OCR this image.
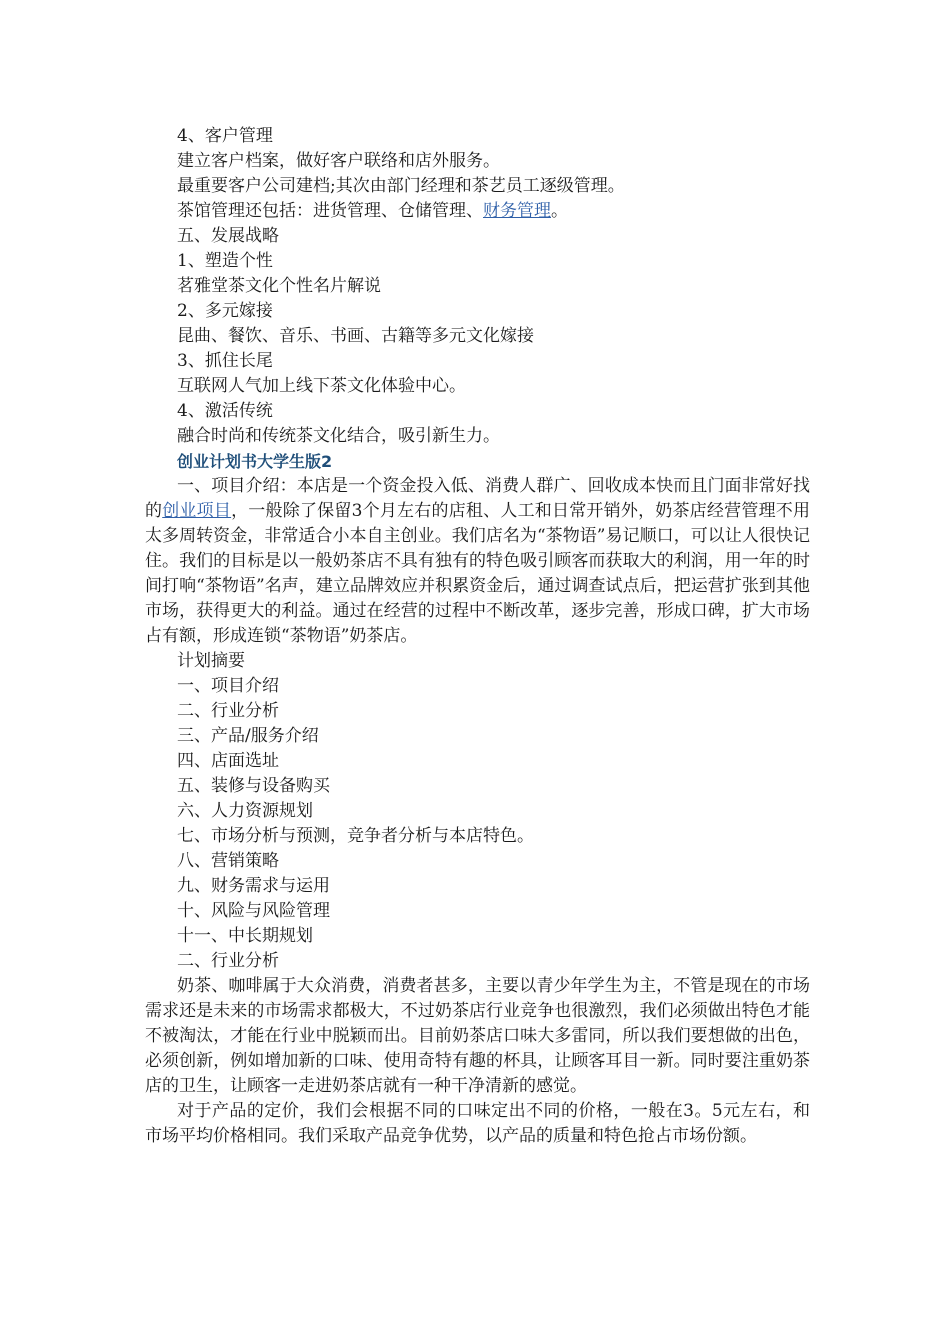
4、客户管理
建立客户档案，做好客户联络和店外服务。
最重要客户公司建档;其次由部门经理和茶艺员工逐级管理。
茶馆管理还包括：进货管理、仓储管理、财务管理。
五、发展战略
1、塑造个性
茗雅堂茶文化个性名片解说
2、多元嫁接
昆曲、餐饮、音乐、书画、古籍等多元文化嫁接
3、抓住长尾
互联网人气加上线下茶文化体验中心。
4、激活传统
融合时尚和传统茶文化结合，吸引新生力。
创业计划书大学生版2

一、项目介绍：本店是一个资金投入低、消费人群广、回收成本快而且门面非常好找的创业项目，一般除了保留3个月左右的店租、人工和日常开销外，奶茶店经营管理不用太多周转资金，非常适合小本自主创业。我们店名为“茶物语”易记顺口，可以让人很快记住。我们的目标是以一般奶茶店不具有独有的特色吸引顾客而获取大的利润，用一年的时间打响“茶物语”名声，建立品牌效应并积累资金后，通过调查试点后，把运营扩张到其他市场，获得更大的利益。通过在经营的过程中不断改革，逐步完善，形成口碑，扩大市场占有额，形成连锁“茶物语”奶茶店。

计划摘要
一、项目介绍
二、行业分析
三、产品/服务介绍
四、店面选址
五、装修与设备购买
六、人力资源规划
七、市场分析与预测，竞争者分析与本店特色。
八、营销策略
九、财务需求与运用
十、风险与风险管理
十一、中长期规划
二、行业分析

奶茶、咖啡属于大众消费，消费者甚多，主要以青少年学生为主，不管是现在的市场需求还是未来的市场需求都极大，不过奶茶店行业竞争也很激烈，我们必须做出特色才能不被淘汰，才能在行业中脱颖而出。目前奶茶店口味大多雷同，所以我们要想做的出色，必须创新，例如增加新的口味、使用奇特有趣的杯具，让顾客耳目一新。同时要注重奶茶店的卫生，让顾客一走进奶茶店就有一种干净清新的感觉。

对于产品的定价，我们会根据不同的口味定出不同的价格，一般在3。5元左右，和市场平均价格相同。我们采取产品竞争优势，以产品的质量和特色抢占市场份额。
